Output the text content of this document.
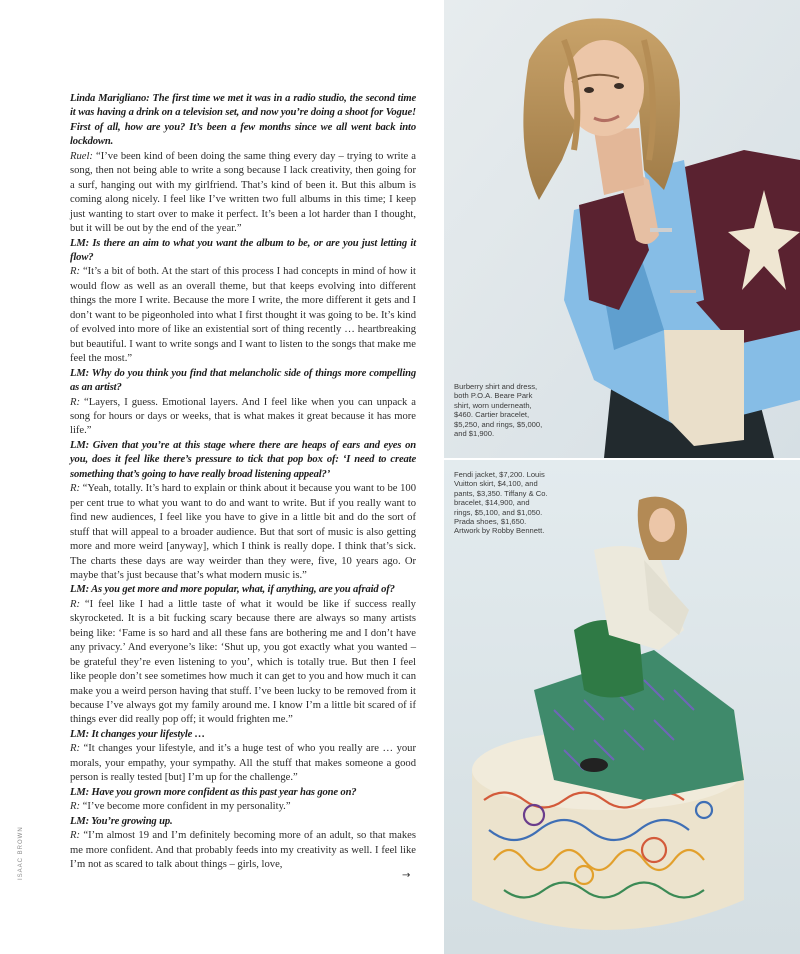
Linda Marigliano: The first time we met it was in a radio studio, the second time it was having a drink on a television set, and now you’re doing a shoot for Vogue! First of all, how are you? It’s been a few months since we all went back into lockdown.

Ruel: “I’ve been kind of been doing the same thing every day – trying to write a song, then not being able to write a song because I lack creativity, then going for a surf, hanging out with my girlfriend. That’s kind of been it. But this album is coming along nicely. I feel like I’ve written two full albums in this time; I keep just wanting to start over to make it perfect. It’s been a lot harder than I thought, but it will be out by the end of the year.”

LM: Is there an aim to what you want the album to be, or are you just letting it flow?

R: “It’s a bit of both. At the start of this process I had concepts in mind of how it would flow as well as an overall theme, but that keeps evolving into different things the more I write. Because the more I write, the more different it gets and I don’t want to be pigeonholed into what I first thought it was going to be. It’s kind of evolved into more of like an existential sort of thing recently … heartbreaking but beautiful. I want to write songs and I want to listen to the songs that make me feel the most.”

LM: Why do you think you find that melancholic side of things more compelling as an artist?

R: “Layers, I guess. Emotional layers. And I feel like when you can unpack a song for hours or days or weeks, that is what makes it great because it has more life.”

LM: Given that you’re at this stage where there are heaps of ears and eyes on you, does it feel like there’s pressure to tick that pop box of: ‘I need to create something that’s going to have really broad listening appeal?’

R: “Yeah, totally. It’s hard to explain or think about it because you want to be 100 per cent true to what you want to do and want to write. But if you really want to find new audiences, I feel like you have to give in a little bit and do the sort of stuff that will appeal to a broader audience. But that sort of music is also getting more and more weird [anyway], which I think is really dope. I think that’s sick. The charts these days are way weirder than they were, five, 10 years ago. Or maybe that’s just because that’s what modern music is.”

LM: As you get more and more popular, what, if anything, are you afraid of?

R: “I feel like I had a little taste of what it would be like if success really skyrocketed. It is a bit fucking scary because there are always so many artists being like: ‘Fame is so hard and all these fans are bothering me and I don’t have any privacy.’ And everyone’s like: ‘Shut up, you got exactly what you wanted – be grateful they’re even listening to you’, which is totally true. But then I feel like people don’t see sometimes how much it can get to you and how much it can make you a weird person having that stuff. I’ve been lucky to be removed from it because I’ve always got my family around me. I know I’m a little bit scared of if things ever did really pop off; it would frighten me.”

LM: It changes your lifestyle …

R: “It changes your lifestyle, and it’s a huge test of who you really are … your morals, your empathy, your sympathy. All the stuff that makes someone a good person is really tested [but] I’m up for the challenge.”

LM: Have you grown more confident as this past year has gone on?

R: “I’ve become more confident in my personality.”

LM: You’re growing up.

R: “I’m almost 19 and I’m definitely becoming more of an adult, so that makes me more confident. And that probably feeds into my creativity as well. I feel like I’m not as scared to talk about things – girls, love,

→
ISAAC BROWN
Burberry shirt and dress, both P.O.A. Beare Park shirt, worn underneath, $460. Cartier bracelet, $5,250, and rings, $5,000, and $1,900.
Fendi jacket, $7,200. Louis Vuitton skirt, $4,100, and pants, $3,350. Tiffany & Co. bracelet, $14,900, and rings, $5,100, and $1,050. Prada shoes, $1,650. Artwork by Robby Bennett.
